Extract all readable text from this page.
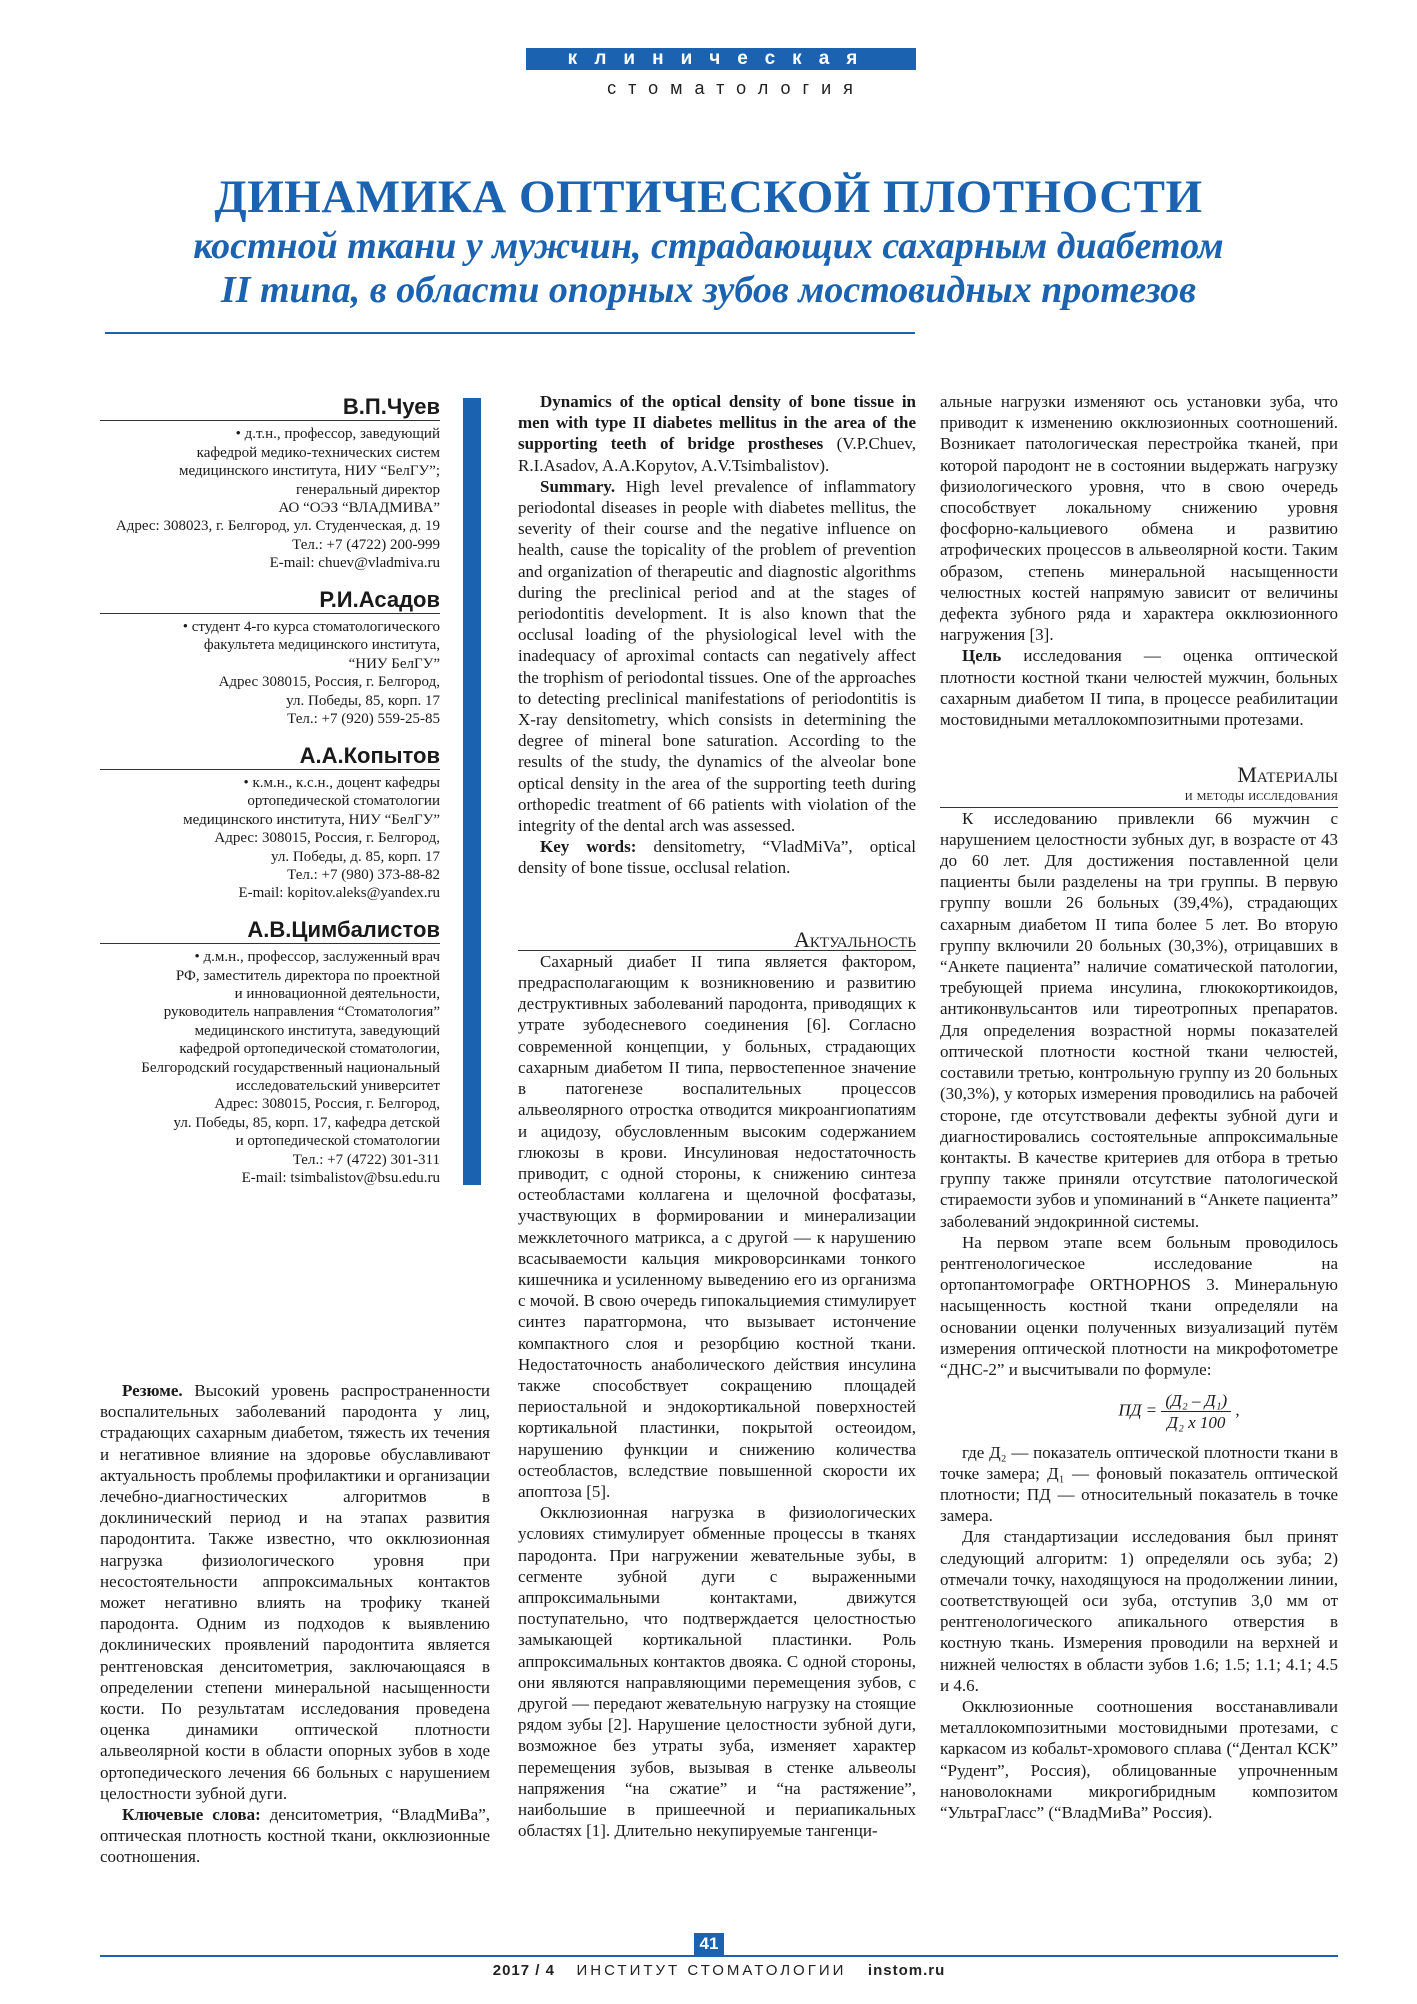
клиническая
стоматология
ДИНАМИКА ОПТИЧЕСКОЙ ПЛОТНОСТИ
костной ткани у мужчин, страдающих сахарным диабетом
II типа, в области опорных зубов мостовидных протезов
В.П.Чуев
• д.т.н., профессор, заведующий
кафедрой медико-технических систем
медицинского института, НИУ “БелГУ”;
генеральный директор
АО “ОЭЗ “ВЛАДМИВА”
Адрес: 308023, г. Белгород, ул. Студенческая, д. 19
Тел.: +7 (4722) 200-999
E-mail: chuev@vladmiva.ru
Р.И.Асадов
• студент 4-го курса стоматологического
факультета медицинского института,
“НИУ БелГУ”
Адрес 308015, Россия, г. Белгород,
ул. Победы, 85, корп. 17
Тел.: +7 (920) 559-25-85
А.А.Копытов
• к.м.н., к.с.н., доцент кафедры
ортопедической стоматологии
медицинского института, НИУ “БелГУ”
Адрес: 308015, Россия, г. Белгород,
ул. Победы, д. 85, корп. 17
Тел.: +7 (980) 373-88-82
E-mail: kopitov.aleks@yandex.ru
А.В.Цимбалистов
• д.м.н., профессор, заслуженный врач
РФ, заместитель директора по проектной
и инновационной деятельности,
руководитель направления “Стоматология”
медицинского института, заведующий
кафедрой ортопедической стоматологии,
Белгородский государственный национальный
исследовательский университет
Адрес: 308015, Россия, г. Белгород,
ул. Победы, 85, корп. 17, кафедра детской
и ортопедической стоматологии
Тел.: +7 (4722) 301-311
E-mail: tsimbalistov@bsu.edu.ru

Резюме. Высокий уровень распространенности воспалительных заболеваний пародонта у лиц, страдающих сахарным диабетом, тяжесть их течения и негативное влияние на здоровье обуславливают актуальность проблемы профилактики и организации лечебно-диагностических алгоритмов в доклинический период и на этапах развития пародонтита. Также известно, что окклюзионная нагрузка физиологического уровня при несостоятельности аппроксимальных контактов может негативно влиять на трофику тканей пародонта. Одним из подходов к выявлению доклинических проявлений пародонтита является рентгеновская денситометрия, заключающаяся в определении степени минеральной насыщенности кости. По результатам исследования проведена оценка динамики оптической плотности альвеолярной кости в области опорных зубов в ходе ортопедического лечения 66 больных с нарушением целостности зубной дуги.

Ключевые слова: денситометрия, “ВладМиВа”, оптическая плотность костной ткани, окклюзионные соотношения.

Dynamics of the optical density of bone tissue in men with type II diabetes mellitus in the area of the supporting teeth of bridge prostheses (V.P.Chuev, R.I.Asadov, A.A.Kopytov, A.V.Tsimbalistov).

Summary. High level prevalence of inflammatory periodontal diseases in people with diabetes mellitus, the severity of their course and the negative influence on health, cause the topicality of the problem of prevention and organization of therapeutic and diagnostic algorithms during the preclinical period and at the stages of periodontitis development. It is also known that the occlusal loading of the physiological level with the inadequacy of aproximal contacts can negatively affect the trophism of periodontal tissues. One of the approaches to detecting preclinical manifestations of periodontitis is X-ray densitometry, which consists in determining the degree of mineral bone saturation. According to the results of the study, the dynamics of the alveolar bone optical density in the area of the supporting teeth during orthopedic treatment of 66 patients with violation of the integrity of the dental arch was assessed.

Key words: densitometry, “VladMiVa”, optical density of bone tissue, occlusal relation.

Актуальность

Сахарный диабет II типа является фактором, предрасполагающим к возникновению и развитию деструктивных заболеваний пародонта, приводящих к утрате зубодесневого соединения [6]. Согласно современной концепции, у больных, страдающих сахарным диабетом II типа, первостепенное значение в патогенезе воспалительных процессов альвеолярного отростка отводится микроангиопатиям и ацидозу, обусловленным высоким содержанием глюкозы в крови. Инсулиновая недостаточность приводит, с одной стороны, к снижению синтеза остеобластами коллагена и щелочной фосфатазы, участвующих в формировании и минерализации межклеточного матрикса, а с другой — к нарушению всасываемости кальция микроворсинками тонкого кишечника и усиленному выведению его из организма с мочой. В свою очередь гипокальциемия стимулирует синтез паратгормона, что вызывает истончение компактного слоя и резорбцию костной ткани. Недостаточность анаболического действия инсулина также способствует сокращению площадей периостальной и эндокортикальной поверхностей кортикальной пластинки, покрытой остеоидом, нарушению функции и снижению количества остеобластов, вследствие повышенной скорости их апоптоза [5].

Окклюзионная нагрузка в физиологических условиях стимулирует обменные процессы в тканях пародонта. При нагружении жевательные зубы, в сегменте зубной дуги с выраженными аппроксимальными контактами, движутся поступательно, что подтверждается целостностью замыкающей кортикальной пластинки. Роль аппроксимальных контактов двояка. С одной стороны, они являются направляющими перемещения зубов, с другой — передают жевательную нагрузку на стоящие рядом зубы [2]. Нарушение целостности зубной дуги, возможное без утраты зуба, изменяет характер перемещения зубов, вызывая в стенке альвеолы напряжения “на сжатие” и “на растяжение”, наибольшие в пришеечной и периапикальных областях [1]. Длительно некупируемые тангенци-

альные нагрузки изменяют ось установки зуба, что приводит к изменению окклюзионных соотношений. Возникает патологическая перестройка тканей, при которой пародонт не в состоянии выдержать нагрузку физиологического уровня, что в свою очередь способствует локальному снижению уровня фосфорно-кальциевого обмена и развитию атрофических процессов в альвеолярной кости. Таким образом, степень минеральной насыщенности челюстных костей напрямую зависит от величины дефекта зубного ряда и характера окклюзионного нагружения [3].

Цель исследования — оценка оптической плотности костной ткани челюстей мужчин, больных сахарным диабетом II типа, в процессе реабилитации мостовидными металлокомпозитными протезами.

Материалы
и методы исследования

К исследованию привлекли 66 мужчин с нарушением целостности зубных дуг, в возрасте от 43 до 60 лет. Для достижения поставленной цели пациенты были разделены на три группы. В первую группу вошли 26 больных (39,4%), страдающих сахарным диабетом II типа более 5 лет. Во вторую группу включили 20 больных (30,3%), отрицавших в “Анкете пациента” наличие соматической патологии, требующей приема инсулина, глюкокортикоидов, антиконвульсантов или тиреотропных препаратов. Для определения возрастной нормы показателей оптической плотности костной ткани челюстей, составили третью, контрольную группу из 20 больных (30,3%), у которых измерения проводились на рабочей стороне, где отсутствовали дефекты зубной дуги и диагностировались состоятельные аппроксимальные контакты. В качестве критериев для отбора в третью группу также приняли отсутствие патологической стираемости зубов и упоминаний в “Анкете пациента” заболеваний эндокринной системы.

На первом этапе всем больным проводилось рентгенологическое исследование на ортопантомографе ORTHOPHOS 3. Минеральную насыщенность костной ткани определяли на основании оценки полученных визуализаций путём измерения оптической плотности на микрофотометре “ДНС-2” и высчитывали по формуле:

ПД = $\frac{\text{(Д₂ – Д₁)}}{\text{Д₂ х 100}}$ ,

где Д₂ — показатель оптической плотности ткани в точке замера; Д₁ — фоновый показатель оптической плотности; ПД — относительный показатель в точке замера.

Для стандартизации исследования был принят следующий алгоритм: 1) определяли ось зуба; 2) отмечали точку, находящуюся на продолжении линии, соответствующей оси зуба, отступив 3,0 мм от рентгенологического апикального отверстия в костную ткань. Измерения проводили на верхней и нижней челюстях в области зубов 1.6; 1.5; 1.1; 4.1; 4.5 и 4.6.

Окклюзионные соотношения восстанавливали металлокомпозитными мостовидными протезами, с каркасом из кобальт-хромового сплава (“Дентал КСК” “Рудент”, Россия), облицованные упрочненным нановолокнами микрогибридным композитом “УльтраГласс” (“ВладМиВа” Россия).

41
2017 / 4 ИНСТИТУТ СТОМАТОЛОГИИ instom.ru
